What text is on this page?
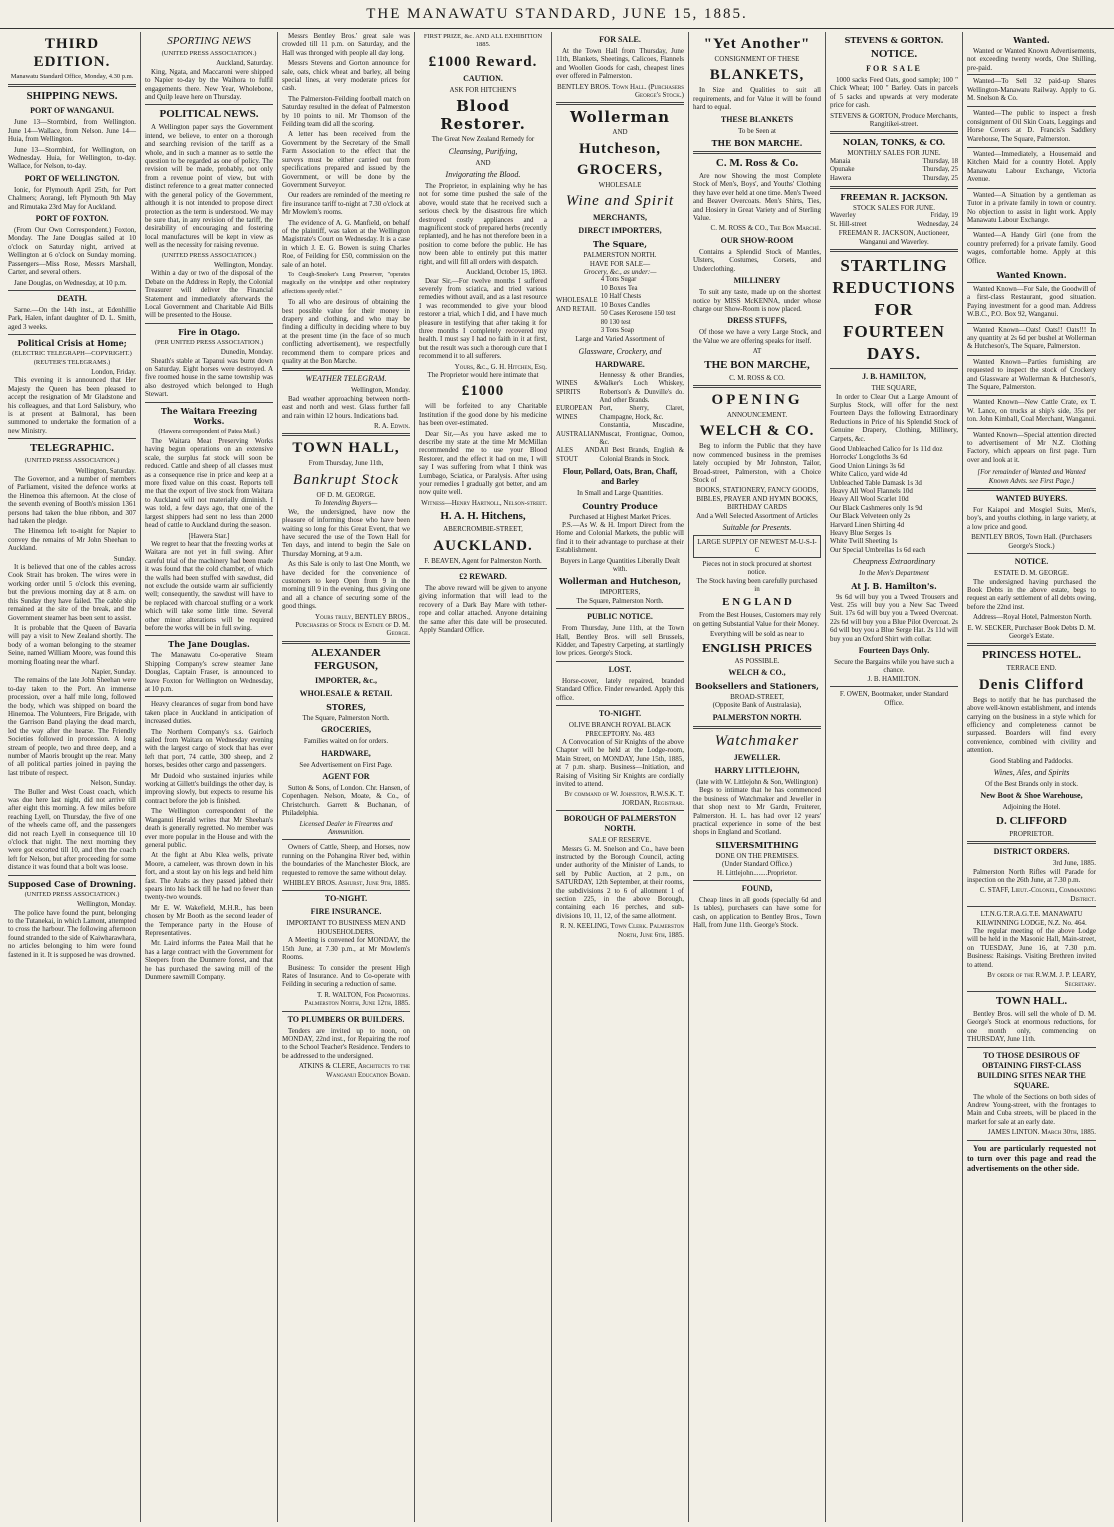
THE MANAWATU STANDARD, JUNE 15, 1885.
THIRD EDITION.
Manawatu Standard Office, Monday, 4.30 p.m.
SHIPPING NEWS.
PORT OF WANGANUI.

June 13—Stormbird, from Wellington. June 14—Wallace, from Nelson. June 14—Huia, from Wellington.

June 13—Stormbird, for Wellington, on Wednesday. Huia, for Wellington, to-day. Wallace, for Nelson, to-day.

PORT OF WELLINGTON.

Ionic, for Plymouth April 25th, for Port Chalmers; Aorangi, left Plymouth 9th May and Rimutaka 23rd May for Auckland.

PORT OF FOXTON.

(From Our Own Correspondent.) Foxton, Monday. The Jane Douglas sailed at 10 o'clock on Saturday night, arrived at Wellington at 6 o'clock on Sunday morning. Passengers—Miss Rose, Messrs Marshall, Carter, and several others.

Jane Douglas, on Wednesday, at 10 p.m.

DEATH.

Sarne.—On the 14th inst., at Edenhillie Park, Halen, infant daughter of D. L. Smith, aged 3 weeks.

Political Crisis at Home;
(ELECTRIC TELEGRAPH—COPYRIGHT.) (REUTER'S TELEGRAMS.)
London, Friday.

This evening it is announced that Her Majesty the Queen has been pleased to accept the resignation of Mr Gladstone and his colleagues, and that Lord Salisbury, who is at present at Balmoral, has been summoned to undertake the formation of a new Ministry.

TELEGRAPHIC.
(UNITED PRESS ASSOCIATION.)
Wellington, Saturday.

The Governor, and a number of members of Parliament, visited the defence works at the Hinemoa this afternoon. At the close of the seventh evening of Booth's mission 1361 persons had taken the blue ribbon, and 307 had taken the pledge.

The Hinemoa left to-night for Napier to convey the remains of Mr John Sheehan to Auckland.

Sunday.

It is believed that one of the cables across Cook Strait has broken. The wires were in working order until 5 o'clock this evening, but the previous morning day at 8 a.m. on this Sunday they have failed. The cable ship remained at the site of the break, and the Government steamer has been sent to assist.

It is probable that the Queen of Bavaria will pay a visit to New Zealand shortly. The body of a woman belonging to the steamer Seine, named William Moore, was found this morning floating near the wharf.

Napier, Sunday.

The remains of the late John Sheehan were to-day taken to the Port. An immense procession, over a half mile long, followed the body, which was shipped on board the Hinemoa. The Volunteers, Fire Brigade, with the Garrison Band playing the dead march, led the way after the hearse. The Friendly Societies followed in procession. A long stream of people, two and three deep, and a number of Maoris brought up the rear. Many of all political parties joined in paying the last tribute of respect.

Nelson, Sunday.

The Buller and West Coast coach, which was due here last night, did not arrive till after eight this morning. A few miles before reaching Lyell, on Thursday, the five of one of the wheels came off, and the passengers did not reach Lyell in consequence till 10 o'clock that night. The next morning they were got escorted till 10, and then the coach left for Nelson, but after proceeding for some distance it was found that a bolt was loose.

Supposed Case of Drowning.
(UNITED PRESS ASSOCIATION.)
Wellington, Monday.

The police have found the punt, belonging to the Tutanekai, in which Lamont, attempted to cross the harbour. The following afternoon found stranded to the side of Kaiwharawhara, no articles belonging to him were found fastened in it. It is supposed he was drowned.

SPORTING NEWS
(UNITED PRESS ASSOCIATION.)
Auckland, Saturday.

King, Ngata, and Maccaroni were shipped to Napier to-day by the Waihora to fulfil engagements there. New Year, Wholebone, and Quilp leave here on Thursday.

POLITICAL NEWS.

A Wellington paper says the Government intend, we believe, to enter on a thorough and searching revision of the tariff as a whole, and in such a manner as to settle the question to be regarded as one of policy. The revision will be made, probably, not only from a revenue point of view, but with distinct reference to a great matter connected with the general policy of the Government, although it is not intended to propose direct protection as the term is understood. We may be sure that, in any revision of the tariff, the desirability of encouraging and fostering local manufactures will be kept in view as well as the necessity for raising revenue.

(UNITED PRESS ASSOCIATION.)
Wellington, Monday.

Within a day or two of the disposal of the Debate on the Address in Reply, the Colonial Treasurer will deliver the Financial Statement and immediately afterwards the Local Government and Charitable Aid Bills will be presented to the House.

Fire in Otago.
(PER UNITED PRESS ASSOCIATION.)
Dunedin, Monday.

Sheath's stable at Tapanui was burnt down on Saturday. Eight horses were destroyed. A five roomed house in the same township was also destroyed which belonged to Hugh Stewart.

The Waitara Freezing Works.
(Hawera correspondent of Patea Mail.)

The Waitara Meat Preserving Works having begun operations on an extensive scale, the surplus fat stock will soon be reduced. Cattle and sheep of all classes must as a consequence rise in price and keep at a more fixed value on this coast. Reports tell me that the export of live stock from Waitara to Auckland will not materially diminish. I was told, a few days ago, that one of the largest shippers had sent no less than 2000 head of cattle to Auckland during the season.

[Hawera Star.]

We regret to hear that the freezing works at Waitara are not yet in full swing. After careful trial of the machinery had been made it was found that the cold chamber, of which the walls had been stuffed with sawdust, did not exclude the outside warm air sufficiently well; consequently, the sawdust will have to be replaced with charcoal stuffing or a work which will take some little time. Several other minor alterations will be required before the works will be in full swing.

The Jane Douglas.

The Manawatu Co-operative Steam Shipping Company's screw steamer Jane Douglas, Captain Fraser, is announced to leave Foxton for Wellington on Wednesday, at 10 p.m.

Heavy clearances of sugar from bond have taken place in Auckland in anticipation of increased duties.

The Northern Company's s.s. Gairloch sailed from Waitara on Wednesday evening with the largest cargo of stock that has ever left that port, 74 cattle, 300 sheep, and 2 horses, besides other cargo and passengers.

Mr Dudoid who sustained injuries while working at Gillett's buildings the other day, is improving slowly, but expects to resume his contract before the job is finished.

The Wellington correspondent of the Wanganui Herald writes that Mr Sheehan's death is generally regretted. No member was ever more popular in the House and with the general public.

At the fight at Abu Klea wells, private Moore, a cameleer, was thrown down in his fort, and a stout lay on his legs and held him fast. The Arabs as they passed jabbed their spears into his back till he had no fewer than twenty-two wounds.

Mr E. W. Wakefield, M.H.R., has been chosen by Mr Booth as the second leader of the Temperance party in the House of Representatives.

Mr. Laird informs the Patea Mail that he has a large contract with the Government for Sleepers from the Dunmere forest, and that he has purchased the sawing mill of the Dunmere sawmill Company.

Messrs Bentley Bros.' great sale was crowded till 11 p.m. on Saturday, and the Hall was thronged with people all day long.

Messrs Stevens and Gorton announce for sale, oats, chick wheat and barley, all being special lines, at very moderate prices for cash.

The Palmerston-Feilding football match on Saturday resulted in the defeat of Palmerston by 10 points to nil. Mr Thomson of the Feilding team did all the scoring.

A letter has been received from the Government by the Secretary of the Small Farm Association to the effect that the surveys must be either carried out from specifications prepared and issued by the Government, or will be done by the Government Surveyor.

Our readers are reminded of the meeting re fire insurance tariff to-night at 7.30 o'clock at Mr Mowlem's rooms.

The evidence of A. G. Manfield, on behalf of the plaintiff, was taken at the Wellington Magistrate's Court on Wednesday. It is a case in which J. E. G. Bowen is suing Charles Roe, of Feilding for £50, commission on the sale of an hotel.

To Cough-Smoker's Lung Preserver, "operates magically on the windpipe and other respiratory affections speedy relief."

To all who are desirous of obtaining the best possible value for their money in drapery and clothing, and who may be finding a difficulty in deciding where to buy at the present time (in the face of so much conflicting advertisement), we respectfully recommend them to compare prices and quality at the Bon Marche.

WEATHER TELEGRAM.
Wellington, Monday.

Bad weather approaching between north-east and north and west. Glass further fall and rain within 12 hours. Indications bad.

R. A. Edwin.
TOWN HALL,
From Thursday, June 11th,
Bankrupt Stock
OF D. M. GEORGE.
To Intending Buyers—

We, the undersigned, have now the pleasure of informing those who have been waiting so long for this Great Event, that we have secured the use of the Town Hall for Ten days, and intend to begin the Sale on Thursday Morning, at 9 a.m.

As this Sale is only to last One Month, we have decided for the convenience of customers to keep Open from 9 in the morning till 9 in the evening, thus giving one and all a chance of securing some of the good things.

Yours truly, BENTLEY BROS., Purchasers of Stock in Estate of D. M. George.
ALEXANDER FERGUSON,
IMPORTER, &c.,
WHOLESALE & RETAIL
STORES,
The Square, Palmerston North.
GROCERIES,
Families waited on for orders.
HARDWARE,
See Advertisement on First Page.
AGENT FOR

Sutton & Sons, of London. Chr. Hansen, of Copenhagen. Nelson, Moate, & Co., of Christchurch. Garrett & Buchanan, of Philadelphia.

Licensed Dealer in Firearms and Ammunition.

Owners of Cattle, Sheep, and Horses, now running on the Pohangina River bed, within the boundaries of the Manchester Block, are requested to remove the same without delay.

WHIBLEY BROS. Ashurst, June 9th, 1885.
TO-NIGHT.
FIRE INSURANCE.
IMPORTANT TO BUSINESS MEN AND HOUSEHOLDERS.

A Meeting is convened for MONDAY, the 15th June, at 7.30 p.m., at Mr Mowlem's Rooms.

Business: To consider the present High Rates of Insurance. And to Co-operate with Feilding in securing a reduction of same.

T. R. WALTON, For Promoters. Palmerston North, June 12th, 1885.
TO PLUMBERS OR BUILDERS.

Tenders are invited up to noon, on MONDAY, 22nd inst., for Repairing the roof to the School Teacher's Residence. Tenders to be addressed to the undersigned.

ATKINS & CLERE, Architects to the Wanganui Education Board.
FIRST PRIZE, &c. AND ALL EXHIBITION 1885.
£1000 Reward.
CAUTION.
ASK FOR HITCHEN'S
Blood Restorer.
The Great New Zealand Remedy for
Cleansing, Purifying,
AND
Invigorating the Blood.

The Proprietor, in explaining why he has not for some time pushed the sale of the above, would state that he received such a serious check by the disastrous fire which destroyed costly appliances and a magnificent stock of prepared herbs (recently replanted), and he has not therefore been in a position to come before the public. He has now been able to entirely put this matter right, and will fill all orders with despatch.

Auckland, October 15, 1863.

Dear Sir,—For twelve months I suffered severely from sciatica, and tried various remedies without avail, and as a last resource I was recommended to give your blood restorer a trial, which I did, and I have much pleasure in testifying that after taking it for three months I completely recovered my health. I must say I had no faith in it at first, but the result was such a thorough cure that I recommend it to all sufferers.

Yours, &c., G. H. Hitchen, Esq.
The Proprietor would here intimate that
£1000

will be forfeited to any Charitable Institution if the good done by his medicine has been over-estimated.

Dear Sir,—As you have asked me to describe my state at the time Mr McMillan recommended me to use your Blood Restorer, and the effect it had on me, I will say I was suffering from what I think was Lumbago, Sciatica, or Paralysis. After using your remedies I gradually got better, and am now quite well.

Witness—Henry Hartnoll, Nelson-street.
H. A. H. Hitchens,
ABERCROMBIE-STREET,
AUCKLAND.
F. BEAVEN, Agent for Palmerston North.
£2 REWARD.

The above reward will be given to anyone giving information that will lead to the recovery of a Dark Bay Mare with tether-rope and collar attached. Anyone detaining the same after this date will be prosecuted. Apply Standard Office.

FOR SALE.

At the Town Hall from Thursday, June 11th, Blankets, Sheetings, Calicoes, Flannels and Woollen Goods for cash, cheapest lines ever offered in Palmerston.

BENTLEY BROS. Town Hall. (Purchasers George's Stock.)
Wollerman
AND
Hutcheson,
GROCERS,
WHOLESALE
Wine and Spirit
MERCHANTS,
DIRECT IMPORTERS,
The Square,
PALMERSTON NORTH.
HAVE FOR SALE—
Grocery, &c., as under:—
WHOLESALE AND RETAIL	
4 Tons Sugar
10 Boxes Tea
10 Half Chests
10 Boxes Candles
50 Cases Kerosene 150 test
80 130 test
3 Tons Soap
Large and Varied Assortment of
Glassware, Crockery, and
HARDWARE.
WINES & SPIRITS	Hennessy & other Brandies, Walker's Loch Whiskey, Robertson's & Dunville's do. And other Brands.
EUROPEAN WINES	Port, Sherry, Claret, Champagne, Hock, &c.
AUSTRALIAN	Constantia, Muscadine, Muscat, Frontignac, Oomoo, &c.
ALES AND STOUT	All Best Brands, English & Colonial Brands in Stock.
Flour, Pollard, Oats, Bran, Chaff, and Barley
In Small and Large Quantities.
Country Produce
Purchased at Highest Market Prices.

P.S.—As W. & H. Import Direct from the Home and Colonial Markets, the public will find it to their advantage to purchase at their Establishment.

Buyers in Large Quantities Liberally Dealt with.
Wollerman and Hutcheson,
IMPORTERS,
The Square, Palmerston North.
PUBLIC NOTICE.

From Thursday, June 11th, at the Town Hall, Bentley Bros. will sell Brussels, Kidder, and Tapestry Carpeting, at startlingly low prices. George's Stock.

LOST.

Horse-cover, lately repaired, branded Standard Office. Finder rewarded. Apply this office.

TO-NIGHT.
OLIVE BRANCH ROYAL BLACK PRECEPTORY. No. 483

A Convocation of Sir Knights of the above Chapter will be held at the Lodge-room, Main Street, on MONDAY, June 15th, 1885, at 7 p.m. sharp. Business—Initiation, and Raising of Visiting Sir Knights are cordially invited to attend.

By command of W. Johnston, R.W.S.K. T. JORDAN, Registrar.
BOROUGH OF PALMERSTON NORTH.
SALE OF RESERVE.

Messrs G. M. Snelson and Co., have been instructed by the Borough Council, acting under authority of the Minister of Lands, to sell by Public Auction, at 2 p.m., on SATURDAY, 12th September, at their rooms, the subdivisions 2 to 6 of allotment 1 of section 225, in the above Borough, containing each 16 perches, and sub-divisions 10, 11, 12, of the same allotment.

R. N. KEELING, Town Clerk. Palmerston North, June 6th, 1885.
"Yet Another"
CONSIGNMENT OF THESE
BLANKETS,

In Size and Qualities to suit all requirements, and for Value it will be found hard to equal.

THESE BLANKETS
To be Seen at
THE BON MARCHE.
C. M. Ross & Co.

Are now Showing the most Complete Stock of Men's, Boys', and Youths' Clothing they have ever held at one time. Men's Tweed and Beaver Overcoats. Men's Shirts, Ties, and Hosiery in Great Variety and of Sterling Value.

C. M. ROSS & CO., The Bon Marché.
OUR SHOW-ROOM

Contains a Splendid Stock of Mantles, Ulsters, Costumes, Corsets, and Underclothing.

MILLINERY

To suit any taste, made up on the shortest notice by MISS McKENNA, under whose charge our Show-Room is now placed.

DRESS STUFFS,

Of those we have a very Large Stock, and the Value we are offering speaks for itself.

AT
THE BON MARCHE,
C. M. ROSS & CO.
OPENING
ANNOUNCEMENT.
WELCH & CO.

Beg to inform the Public that they have now commenced business in the premises lately occupied by Mr Johnston, Tailor, Broad-street, Palmerston, with a Choice Stock of

BOOKS, STATIONERY, FANCY GOODS, BIBLES, PRAYER AND HYMN BOOKS, BIRTHDAY CARDS
And a Well Selected Assortment of Articles
Suitable for Presents.
LARGE SUPPLY OF NEWEST M-U-S-I-C
Pieces not in stock procured at shortest notice.
The Stock having been carefully purchased in
E N G L A N D

From the Best Houses, Customers may rely on getting Substantial Value for their Money.

Everything will be sold as near to
ENGLISH PRICES
AS POSSIBLE.
WELCH & CO.,
Booksellers and Stationers,
BROAD-STREET,
(Opposite Bank of Australasia),
PALMERSTON NORTH.
Watchmaker
JEWELLER.
HARRY LITTLEJOHN,
(late with W. Littlejohn & Son, Wellington)

Begs to intimate that he has commenced the business of Watchmaker and Jeweller in that shop next to Mr Gardn, Fruiterer, Palmerston. H. L. has had over 12 years' practical experience in some of the best shops in England and Scotland.

SILVERSMITHING
DONE ON THE PREMISES.
(Under Standard Office.)
H. Littlejohn........Proprietor.
FOUND,

Cheap lines in all goods (specially 6d and 1s tables), purchasers can have some for cash, on application to Bentley Bros., Town Hall, from June 11th. George's Stock.

STEVENS & GORTON.
NOTICE.
FOR SALE

1000 sacks Feed Oats, good sample; 100 " Chick Wheat; 100 " Barley. Oats in parcels of 5 sacks and upwards at very moderate price for cash.

STEVENS & GORTON, Produce Merchants, Rangitikei-street.
NOLAN, TONKS, & CO.
MONTHLY SALES FOR JUNE.
Manaia	Thursday, 18
Opunake	Thursday, 25
Hawera	Thursday, 25
FREEMAN R. JACKSON.
STOCK SALES FOR JUNE.
Waverley	Friday, 19
St. Hill-street	Wednesday, 24
FREEMAN R. JACKSON, Auctioneer, Wanganui and Waverley.
STARTLING REDUCTIONS FOR FOURTEEN DAYS.
J. B. HAMILTON,
THE SQUARE,

In order to Clear Out a Large Amount of Surplus Stock, will offer for the next Fourteen Days the following Extraordinary Reductions in Price of his Splendid Stock of Genuine Drapery, Clothing, Millinery, Carpets, &c.

Good Unbleached Calico for 1s 11d doz
Horrocks' Longcloths 3s 6d
Good Union Linings 3s 6d
White Calico, yard wide 4d
Unbleached Table Damask 1s 3d
Heavy All Wool Flannels 10d
Heavy All Wool Scarlet 10d
Our Black Cashmeres only 1s 9d
Our Black Velveteen only 2s
Harvard Linen Shirting 4d
Heavy Blue Serges 1s
White Twill Sheeting 1s
Our Special Umbrellas 1s 6d each
Cheapness Extraordinary
In the Men's Department
At J. B. Hamilton's.

9s 6d will buy you a Tweed Trousers and Vest. 25s will buy you a New Sac Tweed Suit. 17s 6d will buy you a Tweed Overcoat. 22s 6d will buy you a Blue Pilot Overcoat. 2s 6d will buy you a Blue Serge Hat. 2s 11d will buy you an Oxford Shirt with collar.

Fourteen Days Only.
Secure the Bargains while you have such a chance.
J. B. HAMILTON.
F. OWEN, Bootmaker, under Standard Office.
Wanted.

Wanted or Wanted Known Advertisements, not exceeding twenty words, One Shilling, pre-paid.

Wanted—To Sell 32 paid-up Shares Wellington-Manawatu Railway. Apply to G. M. Snelson & Co.

Wanted—The public to inspect a fresh consignment of Oil Skin Coats, Leggings and Horse Covers at D. Francis's Saddlery Warehouse, The Square, Palmerston.

Wanted—Immediately, a Housemaid and Kitchen Maid for a country Hotel. Apply Manawatu Labour Exchange, Victoria Avenue.

Wanted—A Situation by a gentleman as Tutor in a private family in town or country. No objection to assist in light work. Apply Manawatu Labour Exchange.

Wanted—A Handy Girl (one from the country preferred) for a private family. Good wages, comfortable home. Apply at this Office.

Wanted Known.

Wanted Known—For Sale, the Goodwill of a first-class Restaurant, good situation. Paying investment for a good man. Address W.B.C., P.O. Box 92, Wanganui.

Wanted Known—Oats! Oats!! Oats!!! In any quantity at 2s 6d per bushel at Wollerman & Hutcheson's, The Square, Palmerston.

Wanted Known—Parties furnishing are requested to inspect the stock of Crockery and Glassware at Wollerman & Hutcheson's, The Square, Palmerston.

Wanted Known—New Cattle Crate, ex T. W. Lance, on trucks at ship's side, 35s per ton. John Kimball, Coal Merchant, Wanganui.

Wanted Known—Special attention directed to advertisement of Mr N.Z. Clothing Factory, which appears on first page. Turn over and look at it.

[For remainder of Wanted and Wanted Known Advts. see First Page.]
WANTED BUYERS.

For Kaiapoi and Mosgiel Suits, Men's, boy's, and youths clothing, in large variety, at a low price and good.

BENTLEY BROS, Town Hall. (Purchasers George's Stock.)
NOTICE.
ESTATE D. M. GEORGE.

The undersigned having purchased the Book Debts in the above estate, begs to request an early settlement of all debts owing, before the 22nd inst.

Address—Royal Hotel, Palmerston North.

E. W. SECKER, Purchaser Book Debts D. M. George's Estate.
PRINCESS HOTEL.
TERRACE END.
Denis Clifford

Begs to notify that he has purchased the above well-known establishment, and intends carrying on the business in a style which for efficiency and completeness cannot be surpassed. Boarders will find every convenience, combined with civility and attention.

Good Stabling and Paddocks.
Wines, Ales, and Spirits
Of the Best Brands only in stock.
New Boot & Shoe Warehouse,
Adjoining the Hotel.
D. CLIFFORD
PROPRIETOR.
DISTRICT ORDERS.
3rd June, 1885.

Palmerston North Rifles will Parade for inspection on the 26th June, at 7.30 p.m.

C. STAFF, Lieut.-Colonel, Commanding District.
LT.N.G.T.R.A.G.T.E. MANAWATU KILWINNING LODGE, N.Z. No. 464.

The regular meeting of the above Lodge will be held in the Masonic Hall, Main-street, on TUESDAY, June 16, at 7.30 p.m. Business: Raisings. Visiting Brethren invited to attend.

By order of the R.W.M. J. P. LEARY, Secretary.
TOWN HALL.

Bentley Bros. will sell the whole of D. M. George's Stock at enormous reductions, for one month only, commencing on THURSDAY, June 11th.

TO THOSE DESIROUS OF OBTAINING FIRST-CLASS BUILDING SITES NEAR THE SQUARE.

The whole of the Sections on both sides of Andrew Young-street, with the frontages to Main and Cuba streets, will be placed in the market for sale at an early date.

JAMES LINTON. March 30th, 1885.

You are particularly requested not to turn over this page and read the advertisements on the other side.
